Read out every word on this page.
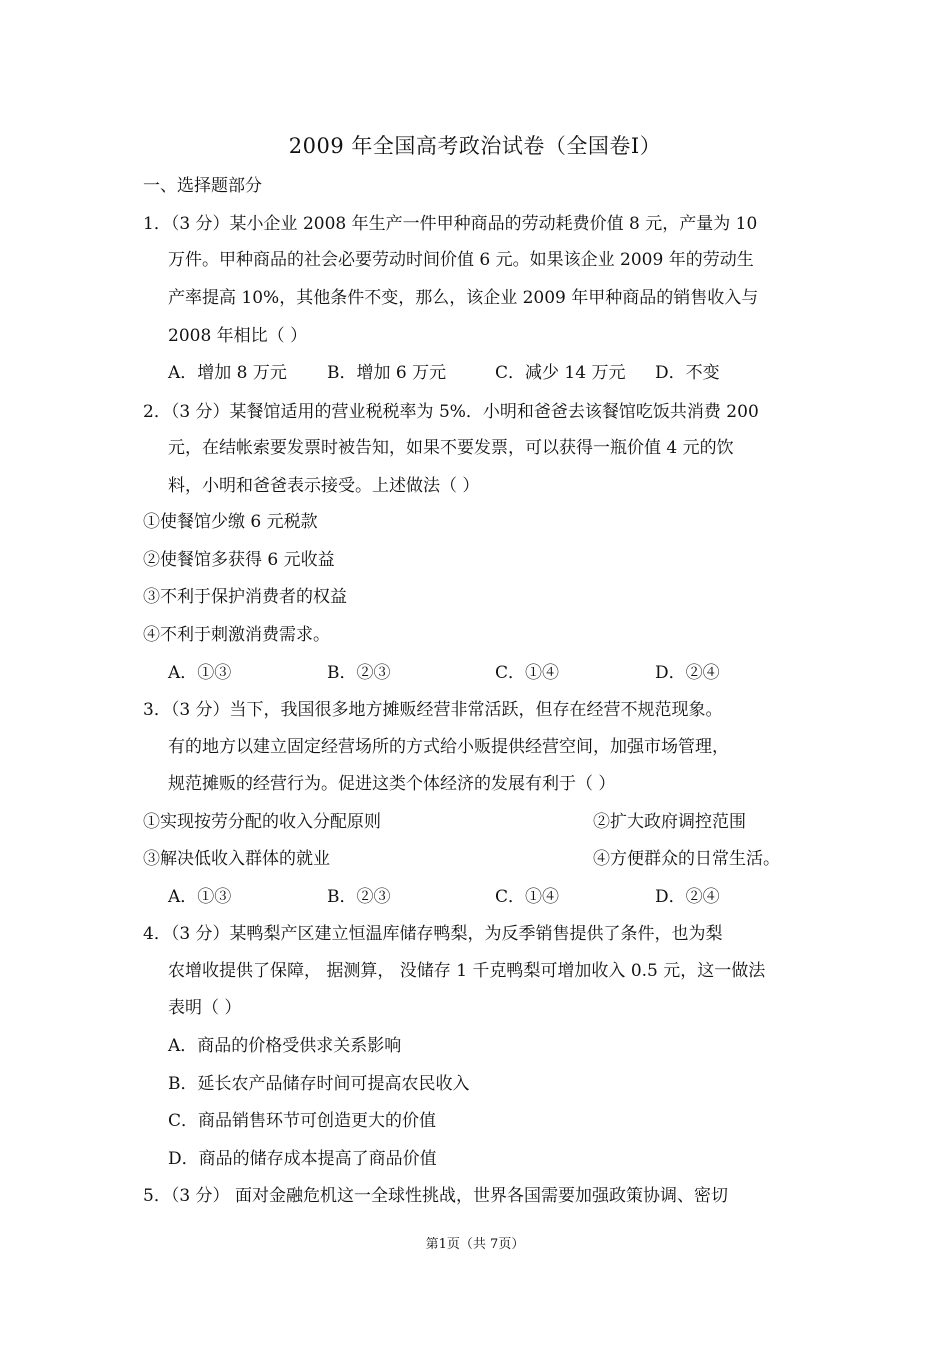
2009 年全国高考政治试卷（全国卷Ⅰ）
一、选择题部分
1．（3 分）某小企业 2008 年生产一件甲种商品的劳动耗费价值 8 元，产量为 10
万件。甲种商品的社会必要劳动时间价值 6 元。如果该企业 2009 年的劳动生
产率提高 10%，其他条件不变，那么，该企业 2009 年甲种商品的销售收入与
2008 年相比（ ）
A．增加 8 万元 B．增加 6 万元	C．减少 14 万元 D．不变
2．（3 分）某餐馆适用的营业税税率为 5%．小明和爸爸去该餐馆吃饭共消费 200
元，在结帐索要发票时被告知，如果不要发票，可以获得一瓶价值 4 元的饮
料，小明和爸爸表示接受。上述做法（ ）
①使餐馆少缴 6 元税款
②使餐馆多获得 6 元收益
③不利于保护消费者的权益
④不利于刺激消费需求。
A．①③	B．②③	C．①④	D．②④
3．（3 分）当下，我国很多地方摊贩经营非常活跃，但存在经营不规范现象。
有的地方以建立固定经营场所的方式给小贩提供经营空间，加强市场管理，
规范摊贩的经营行为。促进这类个体经济的发展有利于（ ）
①实现按劳分配的收入分配原则	②扩大政府调控范围
③解决低收入群体的就业	④方便群众的日常生活。
A．①③	B．②③	C．①④	D．②④
4．（3 分）某鸭梨产区建立恒温库储存鸭梨，为反季销售提供了条件，也为梨
农增收提供了保障， 据测算， 没储存 1 千克鸭梨可增加收入 0.5 元，这一做法
表明（ ）
A．商品的价格受供求关系影响
B．延长农产品储存时间可提高农民收入
C．商品销售环节可创造更大的价值
D．商品的储存成本提高了商品价值
5．（3 分） 面对金融危机这一全球性挑战，世界各国需要加强政策协调、密切
第1页（共 7页）
